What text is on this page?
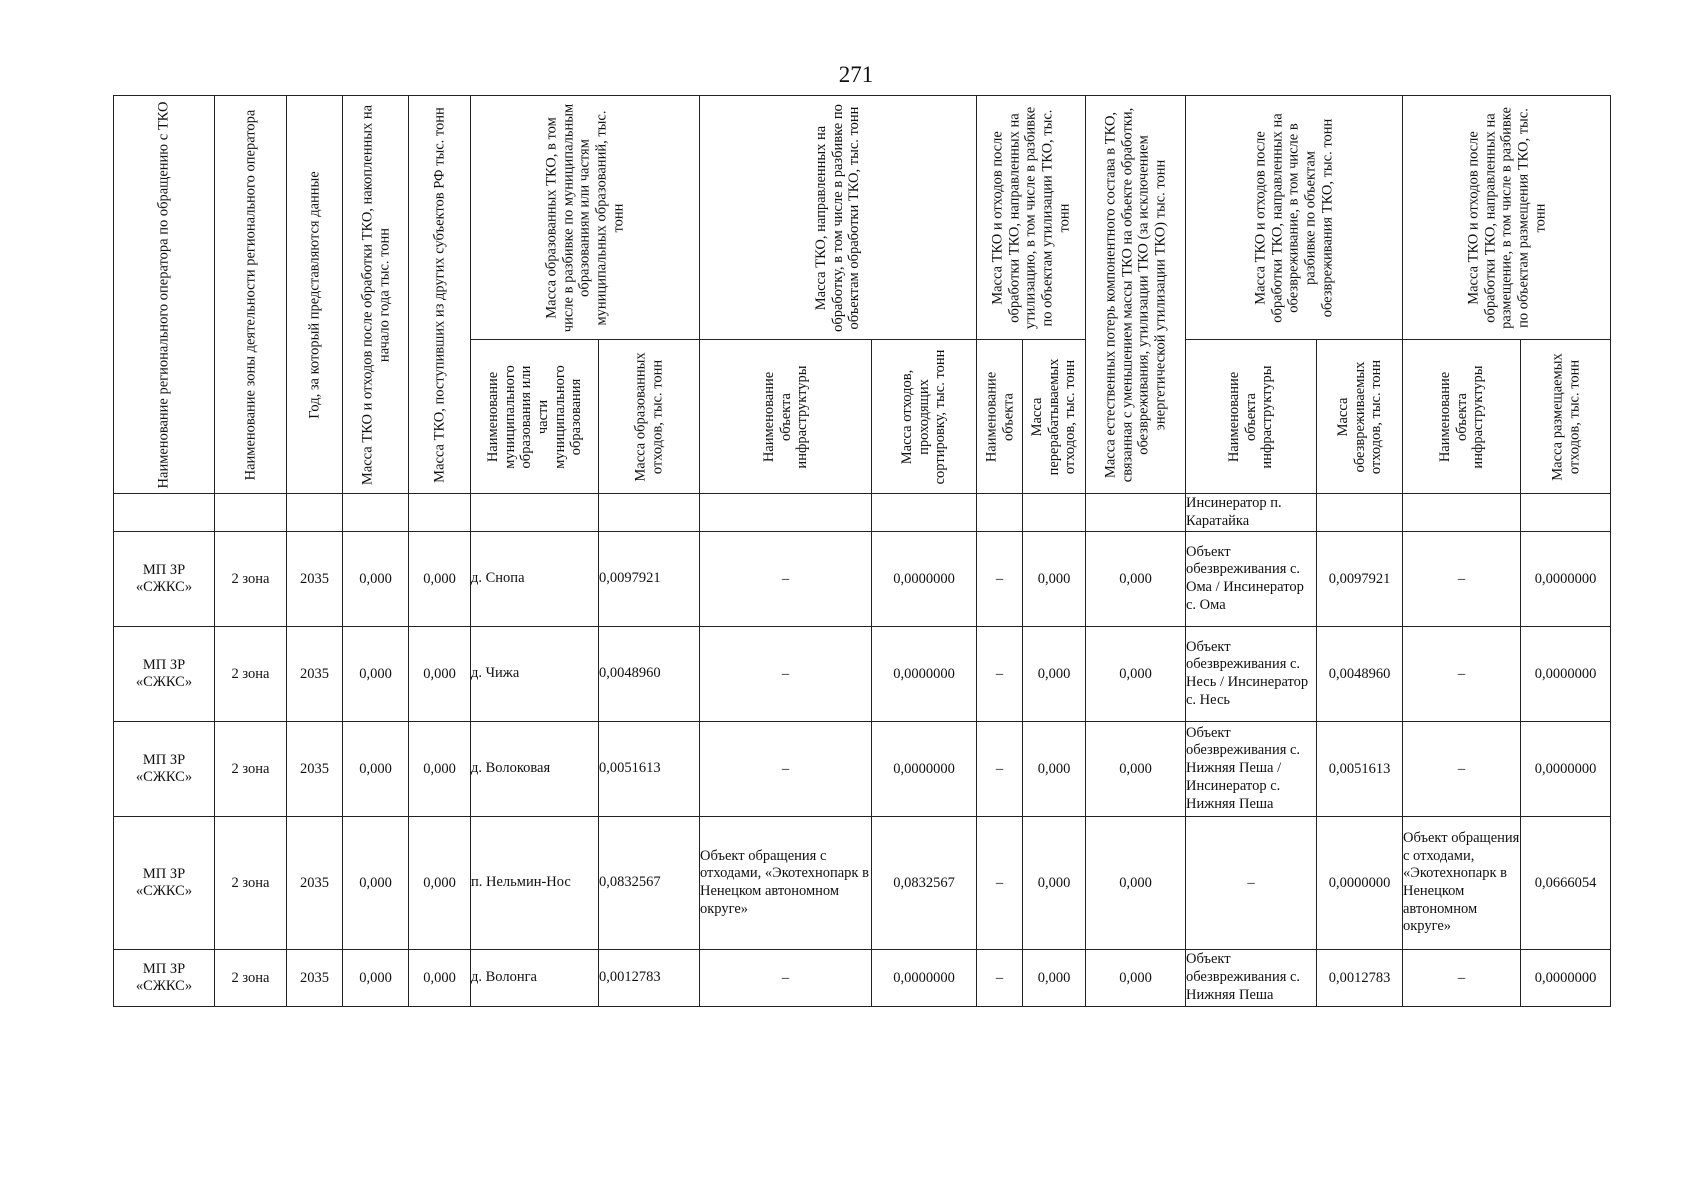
271
Наименование регионального оператора по обращению с ТКО	Наименование зоны деятельности регионального оператора	Год, за который представляются данные	Масса ТКО и отходов после обработки ТКО, накопленных на начало года тыс. тонн	Масса ТКО, поступивших из других субъектов РФ тыс. тонн	Масса образованных ТКО, в том числе в разбивке по муниципальным образованиям или частям муниципальных образований, тыс. тонн		Масса ТКО, направленных на обработку, в том числе в разбивке по объектам обработки ТКО, тыс. тонн		Масса ТКО и отходов после обработки ТКО, направленных на утилизацию, в том числе в разбивке по объектам утилизации ТКО, тыс. тонн		Масса естественных потерь компонентного состава в ТКО, связанная с уменьшением массы ТКО на объекте обработки, обезвреживания, утилизации ТКО (за исключением энергетической утилизации ТКО) тыс. тонн	Масса ТКО и отходов после обработки ТКО, направленных на обезвреживание, в том числе в разбивке по объектам обезвреживания ТКО, тыс. тонн		Масса ТКО и отходов после обработки ТКО, направленных на размещение, в том числе в разбивке по объектам размещения ТКО, тыс. тонн	

					Наименование муниципального образования или части муниципального образования	Масса образованных отходов, тыс. тонн	Наименование объекта инфраструктуры	Масса отходов, проходящих сортировку, тыс. тонн	Наименование объекта	Масса перерабатываемых отходов, тыс. тонн		Наименование объекта инфраструктуры	Масса обезвреживаемых отходов, тыс. тонн	Наименование объекта инфраструктуры	Масса размещаемых отходов, тыс. тонн

												Инсинератор п. Каратайка			
МП ЗР «СЖКС»	2 зона	2035	0,000	0,000	д. Снопа	0,0097921	–	0,0000000	–	0,000	0,000	Объект обезвреживания с. Ома / Инсинератор с. Ома	0,0097921	–	0,0000000
МП ЗР «СЖКС»	2 зона	2035	0,000	0,000	д. Чижа	0,0048960	–	0,0000000	–	0,000	0,000	Объект обезвреживания с. Несь / Инсинератор с. Несь	0,0048960	–	0,0000000
МП ЗР «СЖКС»	2 зона	2035	0,000	0,000	д. Волоковая	0,0051613	–	0,0000000	–	0,000	0,000	Объект обезвреживания с. Нижняя Пеша / Инсинератор с. Нижняя Пеша	0,0051613	–	0,0000000
МП ЗР «СЖКС»	2 зона	2035	0,000	0,000	п. Нельмин-Нос	0,0832567	Объект обращения с отходами, «Экотехнопарк в Ненецком автономном округе»	0,0832567	–	0,000	0,000	–	0,0000000	Объект обращения с отходами, «Экотехнопарк в Ненецком автономном округе»	0,0666054
МП ЗР «СЖКС»	2 зона	2035	0,000	0,000	д. Волонга	0,0012783	–	0,0000000	–	0,000	0,000	Объект обезвреживания с. Нижняя Пеша	0,0012783	–	0,0000000
